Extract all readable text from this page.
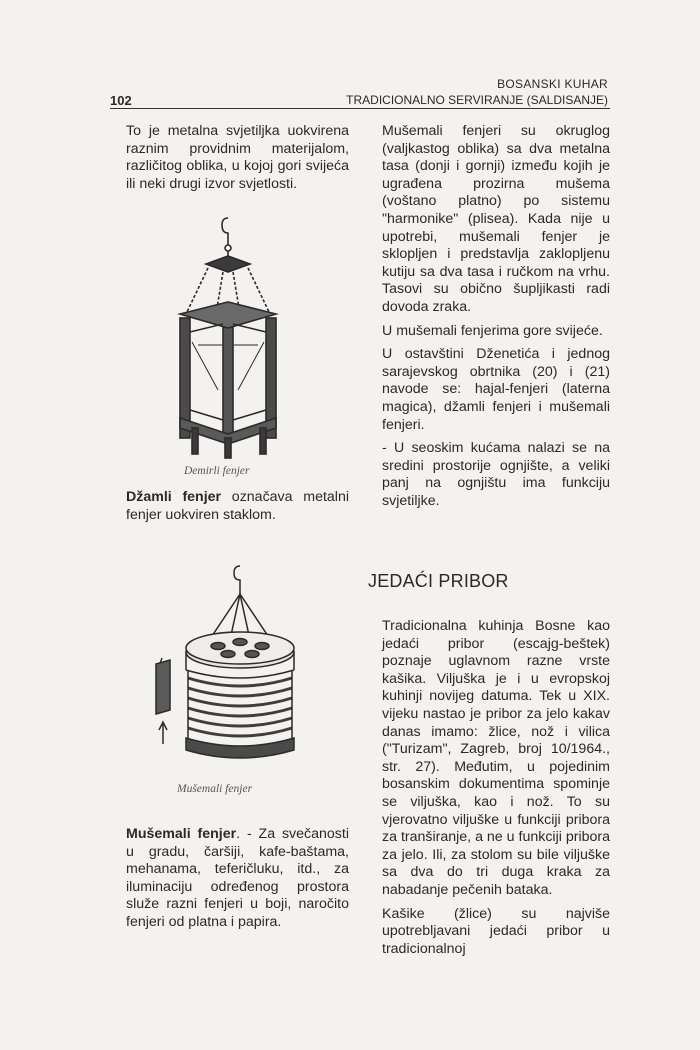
BOSANSKI KUHAR
TRADICIONALNO SERVIRANJE (SALDISANJE)
102

To je metalna svjetiljka uokvirena raznim providnim materijalom, različitog oblika, u kojoj gori svijeća ili neki drugi izvor svjetlosti.

Demirli fenjer

Džamli fenjer označava metalni fenjer uokviren staklom.

Mušemali fenjer

Mušemali fenjer. - Za svečanosti u gradu, čaršiji, kafe-baštama, mehanama, teferičluku, itd., za iluminaciju određenog prostora služe razni fenjeri u boji, naročito fenjeri od platna i papira.

Mušemali fenjeri su okruglog (valjkastog oblika) sa dva metalna tasa (donji i gornji) između kojih je ugrađena prozirna mušema (voštano platno) po sistemu "harmonike" (plisea). Kada nije u upotrebi, mušemali fenjer je sklopljen i predstavlja zaklopljenu kutiju sa dva tasa i ručkom na vrhu. Tasovi su obično šupljikasti radi dovoda zraka.

U mušemali fenjerima gore svijeće.

U ostavštini Dženetića i jednog sarajevskog obrtnika (20) i (21) navode se: hajal-fenjeri (laterna magica), džamli fenjeri i mušemali fenjeri.

- U seoskim kućama nalazi se na sredini prostorije ognjište, a veliki panj na ognjištu ima funkciju svjetiljke.

JEDAĆI PRIBOR

Tradicionalna kuhinja Bosne kao jedaći pribor (escajg-beštek) poznaje uglavnom razne vrste kašika. Viljuška je i u evropskoj kuhinji novijeg datuma. Tek u XIX. vijeku nastao je pribor za jelo kakav danas imamo: žlice, nož i vilica ("Turizam", Zagreb, broj 10/1964., str. 27). Međutim, u pojedinim bosanskim dokumentima spominje se viljuška, kao i nož. To su vjerovatno viljuške u funkciji pribora za tranširanje, a ne u funkciji pribora za jelo. Ili, za stolom su bile viljuške sa dva do tri duga kraka za nabadanje pečenih bataka.

Kašike (žlice) su najviše upotrebljavani jedaći pribor u tradicionalnoj
